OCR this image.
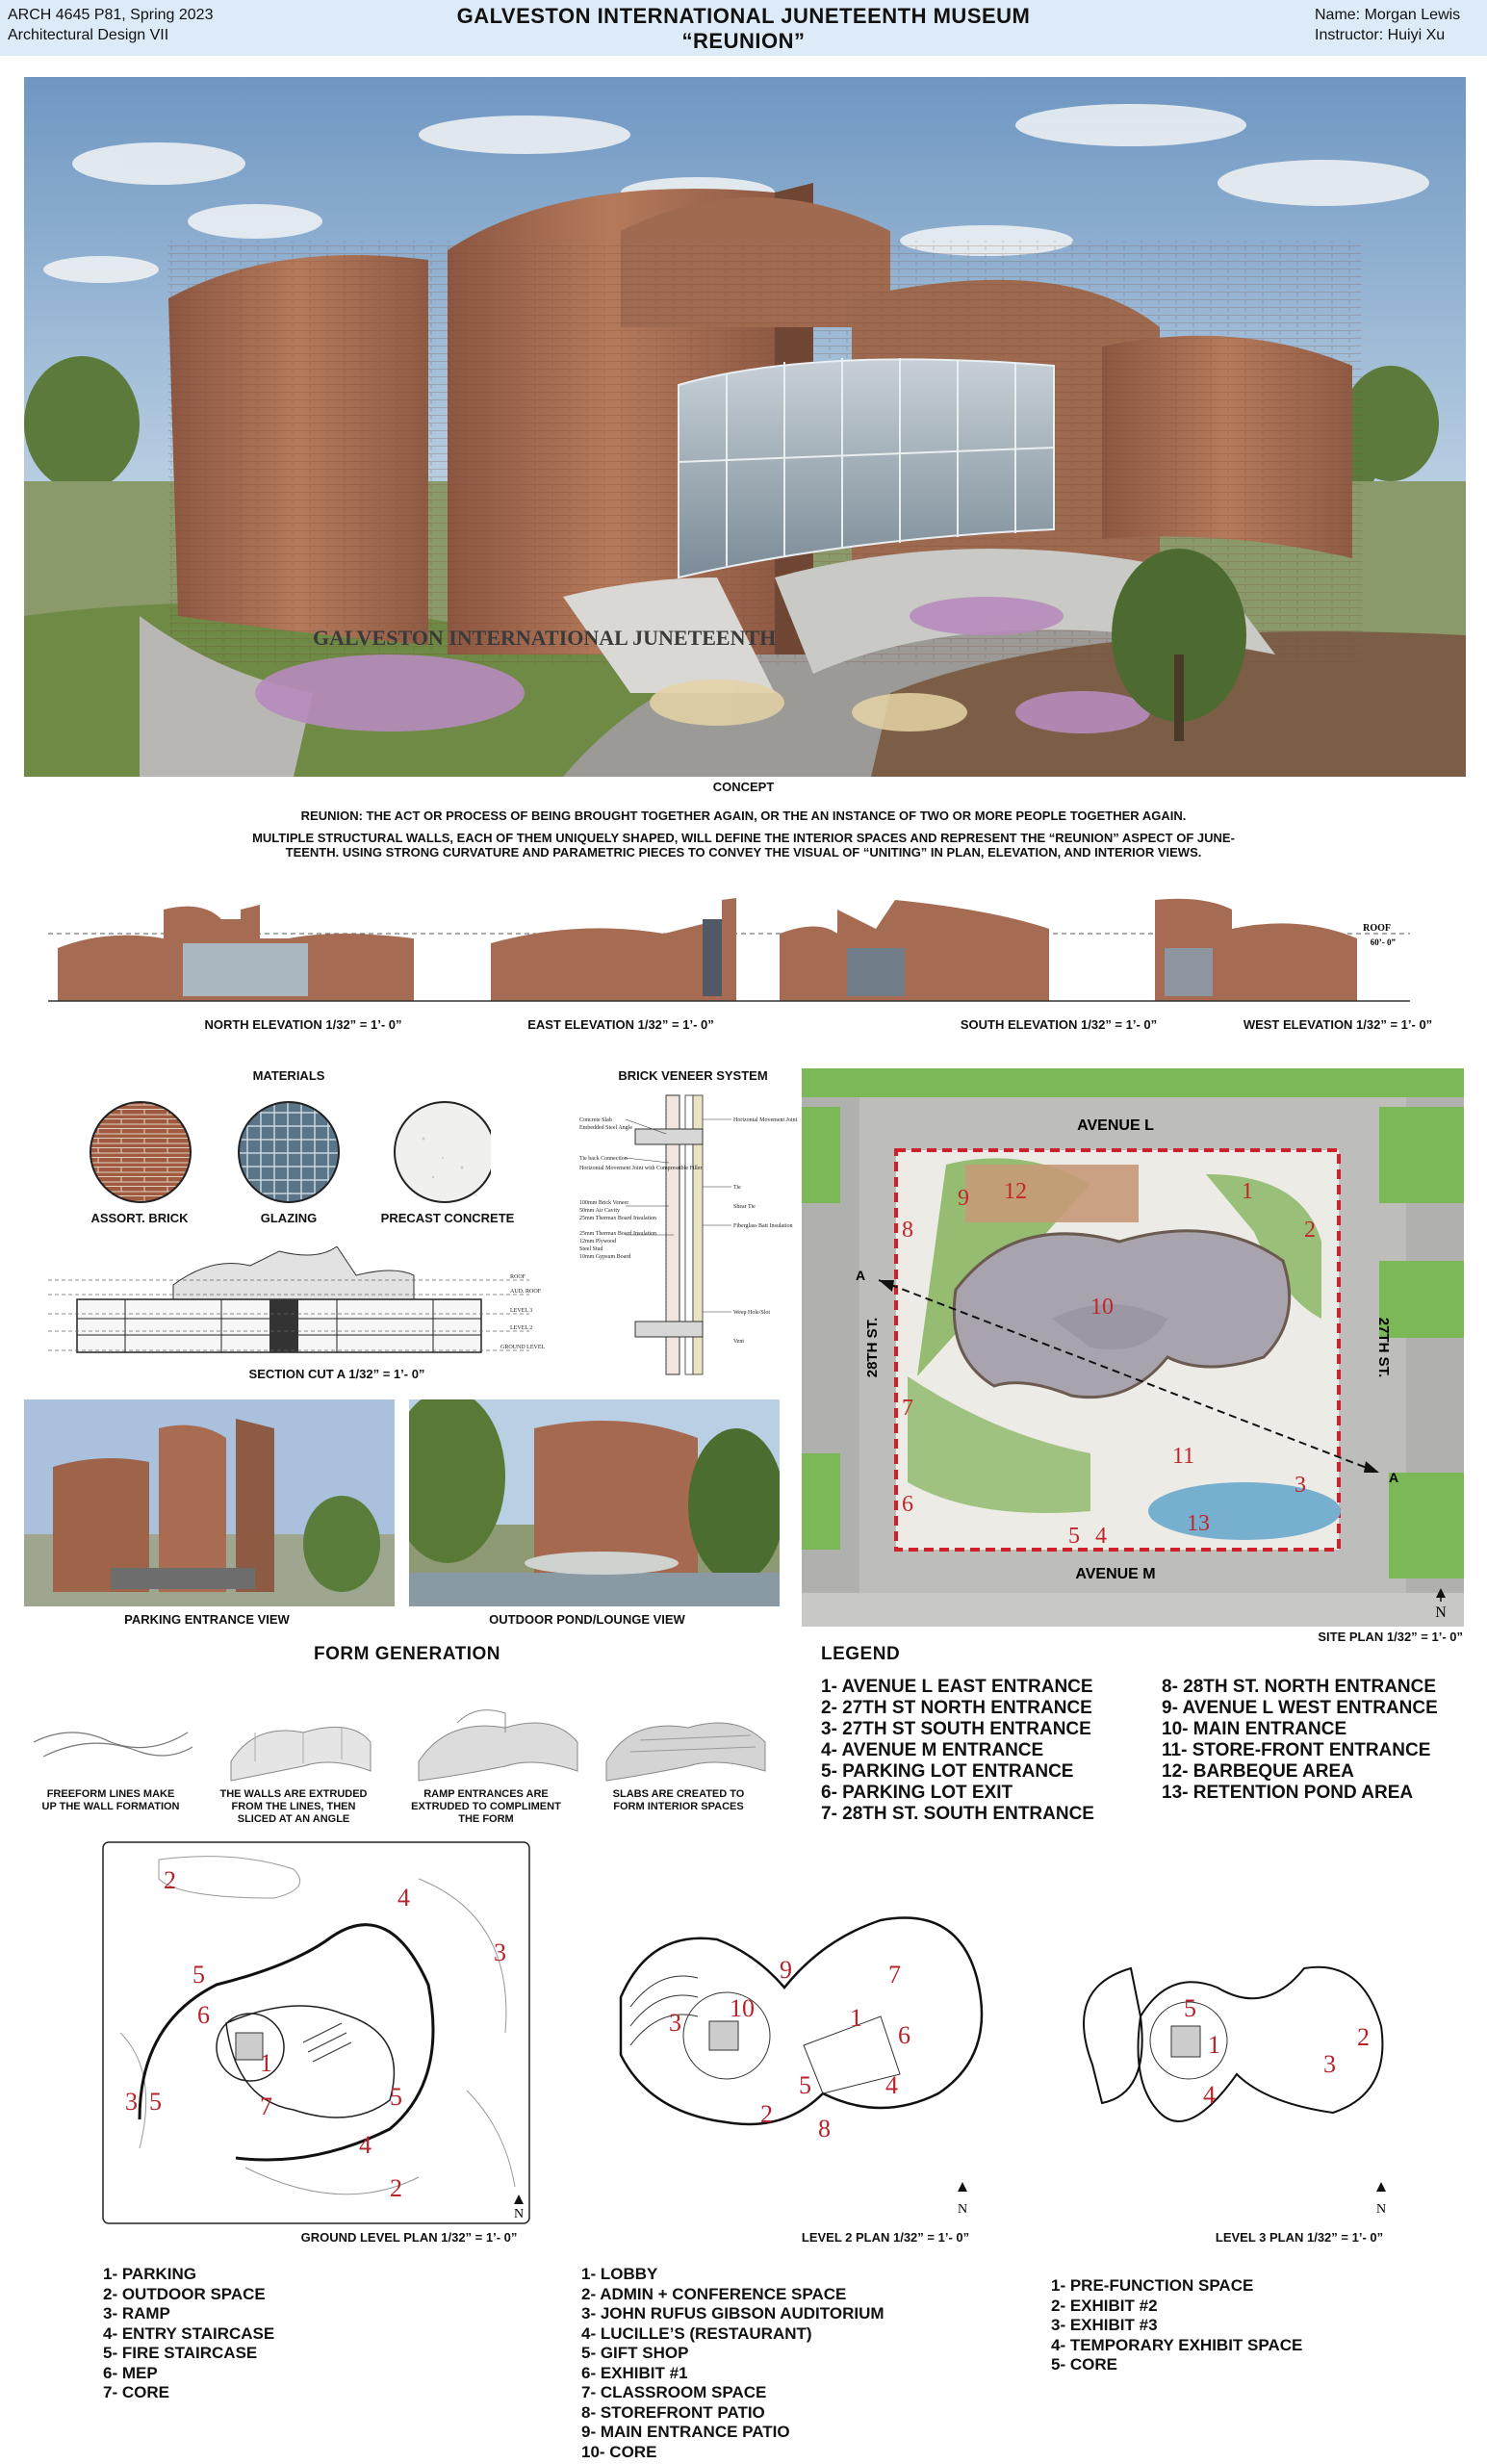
ARCH 4645 P81, Spring 2023
Architectural Design VII
GALVESTON INTERNATIONAL JUNETEENTH MUSEUM
“REUNION”
Name: Morgan Lewis
Instructor: Huiyi Xu
GALVESTON INTERNATIONAL JUNETEENTH
CONCEPT
REUNION: THE ACT OR PROCESS OF BEING BROUGHT TOGETHER AGAIN, OR THE AN INSTANCE OF TWO OR MORE PEOPLE TOGETHER AGAIN.
MULTIPLE STRUCTURAL WALLS, EACH OF THEM UNIQUELY SHAPED, WILL DEFINE THE INTERIOR SPACES AND REPRESENT THE “REUNION” ASPECT OF JUNE-
TEENTH. USING STRONG CURVATURE AND PARAMETRIC PIECES TO CONVEY THE VISUAL OF “UNITING” IN PLAN, ELEVATION, AND INTERIOR VIEWS.
ROOF
60’- 0”
NORTH ELEVATION 1/32” = 1’- 0”	EAST ELEVATION 1/32” = 1’- 0”	SOUTH ELEVATION 1/32” = 1’- 0”	WEST ELEVATION 1/32” = 1’- 0”
MATERIALS
ASSORT. BRICK	GLAZING	PRECAST CONCRETE
BRICK VENEER SYSTEM
Concrete Slab
Embedded Steel Angle
Tie back Connection
Horizontal Movement Joint with Compressible Filler
100mm Brick Veneer
50mm Air Cavity
25mm Thermax Board Insulation
25mm Thermax Board Insulation
12mm Plywood
Steel Stud
10mm Gypsum Board
Horizontal Movement Joint
Tie
Shear Tie
Fiberglass Batt Insulation
Weep Hole/Slot
Vent
ROOF
AUD. ROOF
LEVEL 3
LEVEL 2
GROUND LEVEL
SECTION CUT A 1/32” = 1’- 0”
PARKING ENTRANCE VIEW	OUTDOOR POND/LOUNGE VIEW
A
A
AVENUE L
AVENUE M
28TH ST.	27TH ST.
1
2
3
4
5
6
7
8
9
10
11
12
13
N
SITE PLAN 1/32” = 1’- 0”
LEGEND
1- AVENUE L EAST ENTRANCE
2- 27TH ST NORTH ENTRANCE
3- 27TH ST SOUTH ENTRANCE
4- AVENUE M ENTRANCE
5- PARKING LOT ENTRANCE
6- PARKING LOT EXIT
7- 28TH ST. SOUTH ENTRANCE
8- 28TH ST. NORTH ENTRANCE
9- AVENUE L WEST ENTRANCE
10- MAIN ENTRANCE
11- STORE-FRONT ENTRANCE
12- BARBEQUE AREA
13- RETENTION POND AREA
FORM GENERATION
FREEFORM LINES MAKE UP THE WALL FORMATION
THE WALLS ARE EXTRUDED FROM THE LINES, THEN SLICED AT AN ANGLE
RAMP ENTRANCES ARE EXTRUDED TO COMPLIMENT THE FORM
SLABS ARE CREATED TO FORM INTERIOR SPACES
1
2
2
3
3
4
4
5
5
5
6
7
N
GROUND LEVEL PLAN 1/32” = 1’- 0”
1
2
3
4
5
6
7
8
9
10
N
LEVEL 2 PLAN 1/32” = 1’- 0”
1	2
3
4
5
N
LEVEL 3 PLAN 1/32” = 1’- 0”
1- PARKING
2- OUTDOOR SPACE
3- RAMP
4- ENTRY STAIRCASE
5- FIRE STAIRCASE
6- MEP
7- CORE
1- LOBBY
2- ADMIN + CONFERENCE SPACE
3- JOHN RUFUS GIBSON AUDITORIUM
4- LUCILLE’S (RESTAURANT)
5- GIFT SHOP
6- EXHIBIT #1
7- CLASSROOM SPACE
8- STOREFRONT PATIO
9- MAIN ENTRANCE PATIO
10- CORE
1- PRE-FUNCTION SPACE
2- EXHIBIT #2
3- EXHIBIT #3
4- TEMPORARY EXHIBIT SPACE
5- CORE
